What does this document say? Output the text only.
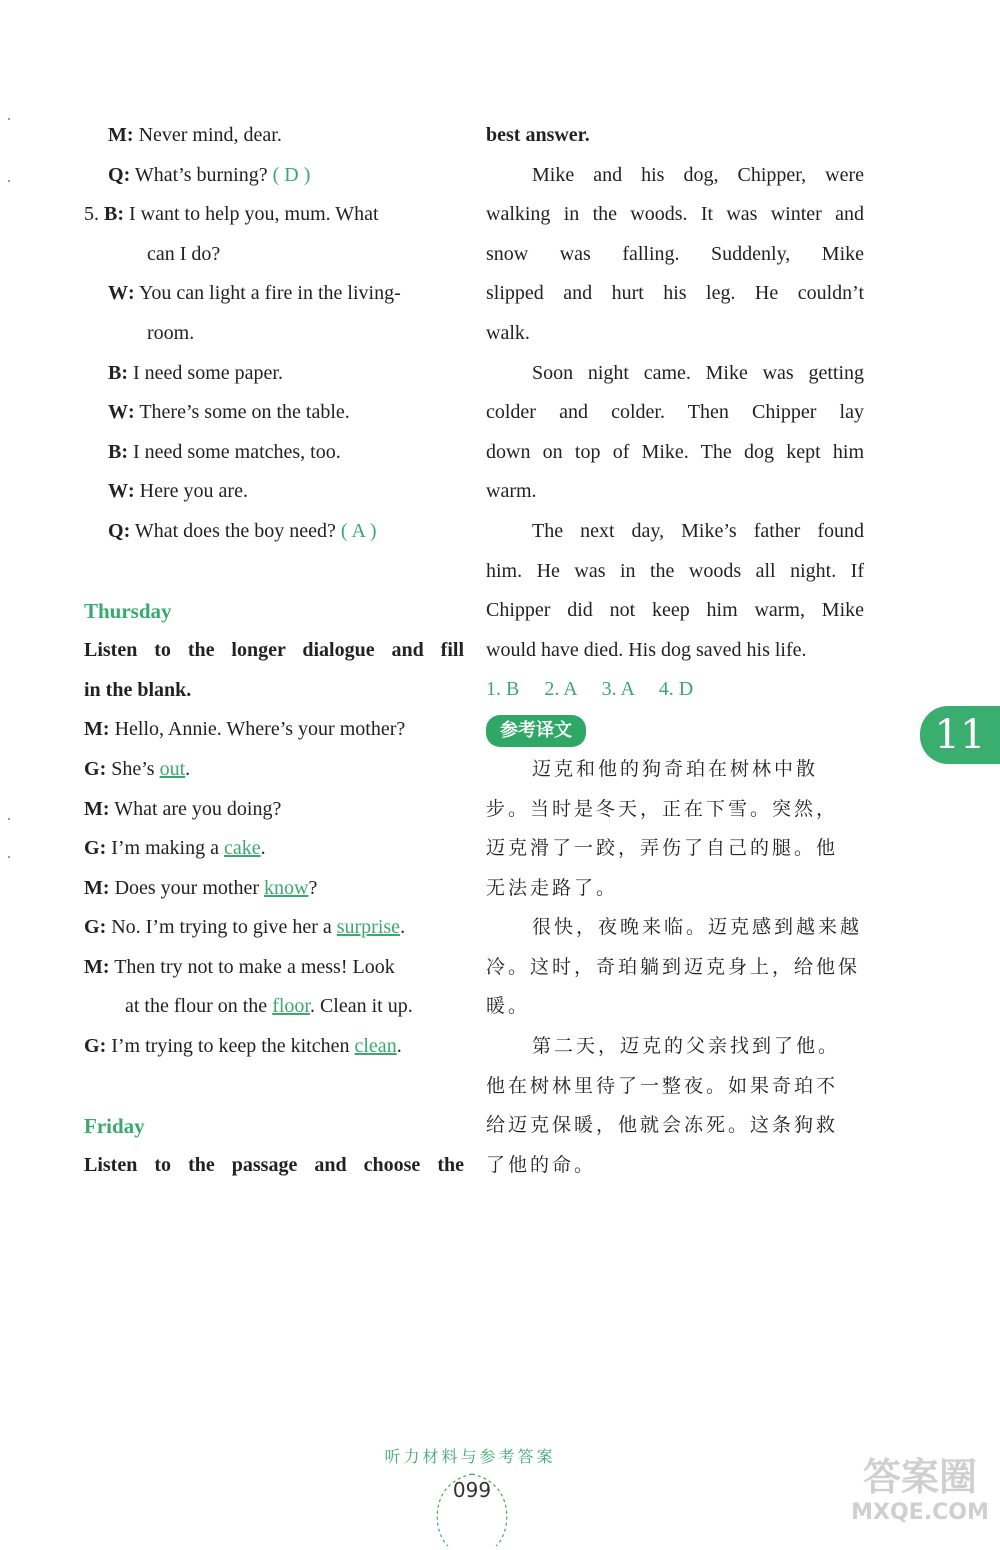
M: Never mind, dear.
Q: What’s burning? ( D )
5. B: I want to help you, mum. What
can I do?
W: You can light a fire in the living-
room.
B: I need some paper.
W: There’s some on the table.
B: I need some matches, too.
W: Here you are.
Q: What does the boy need? ( A )
Thursday
Listen to the longer dialogue and fill
in the blank.
M: Hello, Annie. Where’s your mother?
G: She’s out.
M: What are you doing?
G: I’m making a cake.
M: Does your mother know?
G: No. I’m trying to give her a surprise.
M: Then try not to make a mess! Look
at the flour on the floor. Clean it up.
G: I’m trying to keep the kitchen clean.
Friday
Listen to the passage and choose the
best answer.
Mike and his dog, Chipper, were
walking in the woods. It was winter and
snow was falling. Suddenly, Mike
slipped and hurt his leg. He couldn’t
walk.
Soon night came. Mike was getting
colder and colder. Then Chipper lay
down on top of Mike. The dog kept him
warm.
The next day, Mike’s father found
him. He was in the woods all night. If
Chipper did not keep him warm, Mike
would have died. His dog saved his life.
1. B　 2. A　 3. A　 4. D
参考译文
迈克和他的狗奇珀在树林中散
步。当时是冬天，正在下雪。突然，
迈克滑了一跤，弄伤了自己的腿。他
无法走路了。
很快，夜晚来临。迈克感到越来越
冷。这时，奇珀躺到迈克身上，给他保
暖。
第二天，迈克的父亲找到了他。
他在树林里待了一整夜。如果奇珀不
给迈克保暖，他就会冻死。这条狗救
了他的命。
11
听力材料与参考答案
099	答案圈
MXQE.COM
